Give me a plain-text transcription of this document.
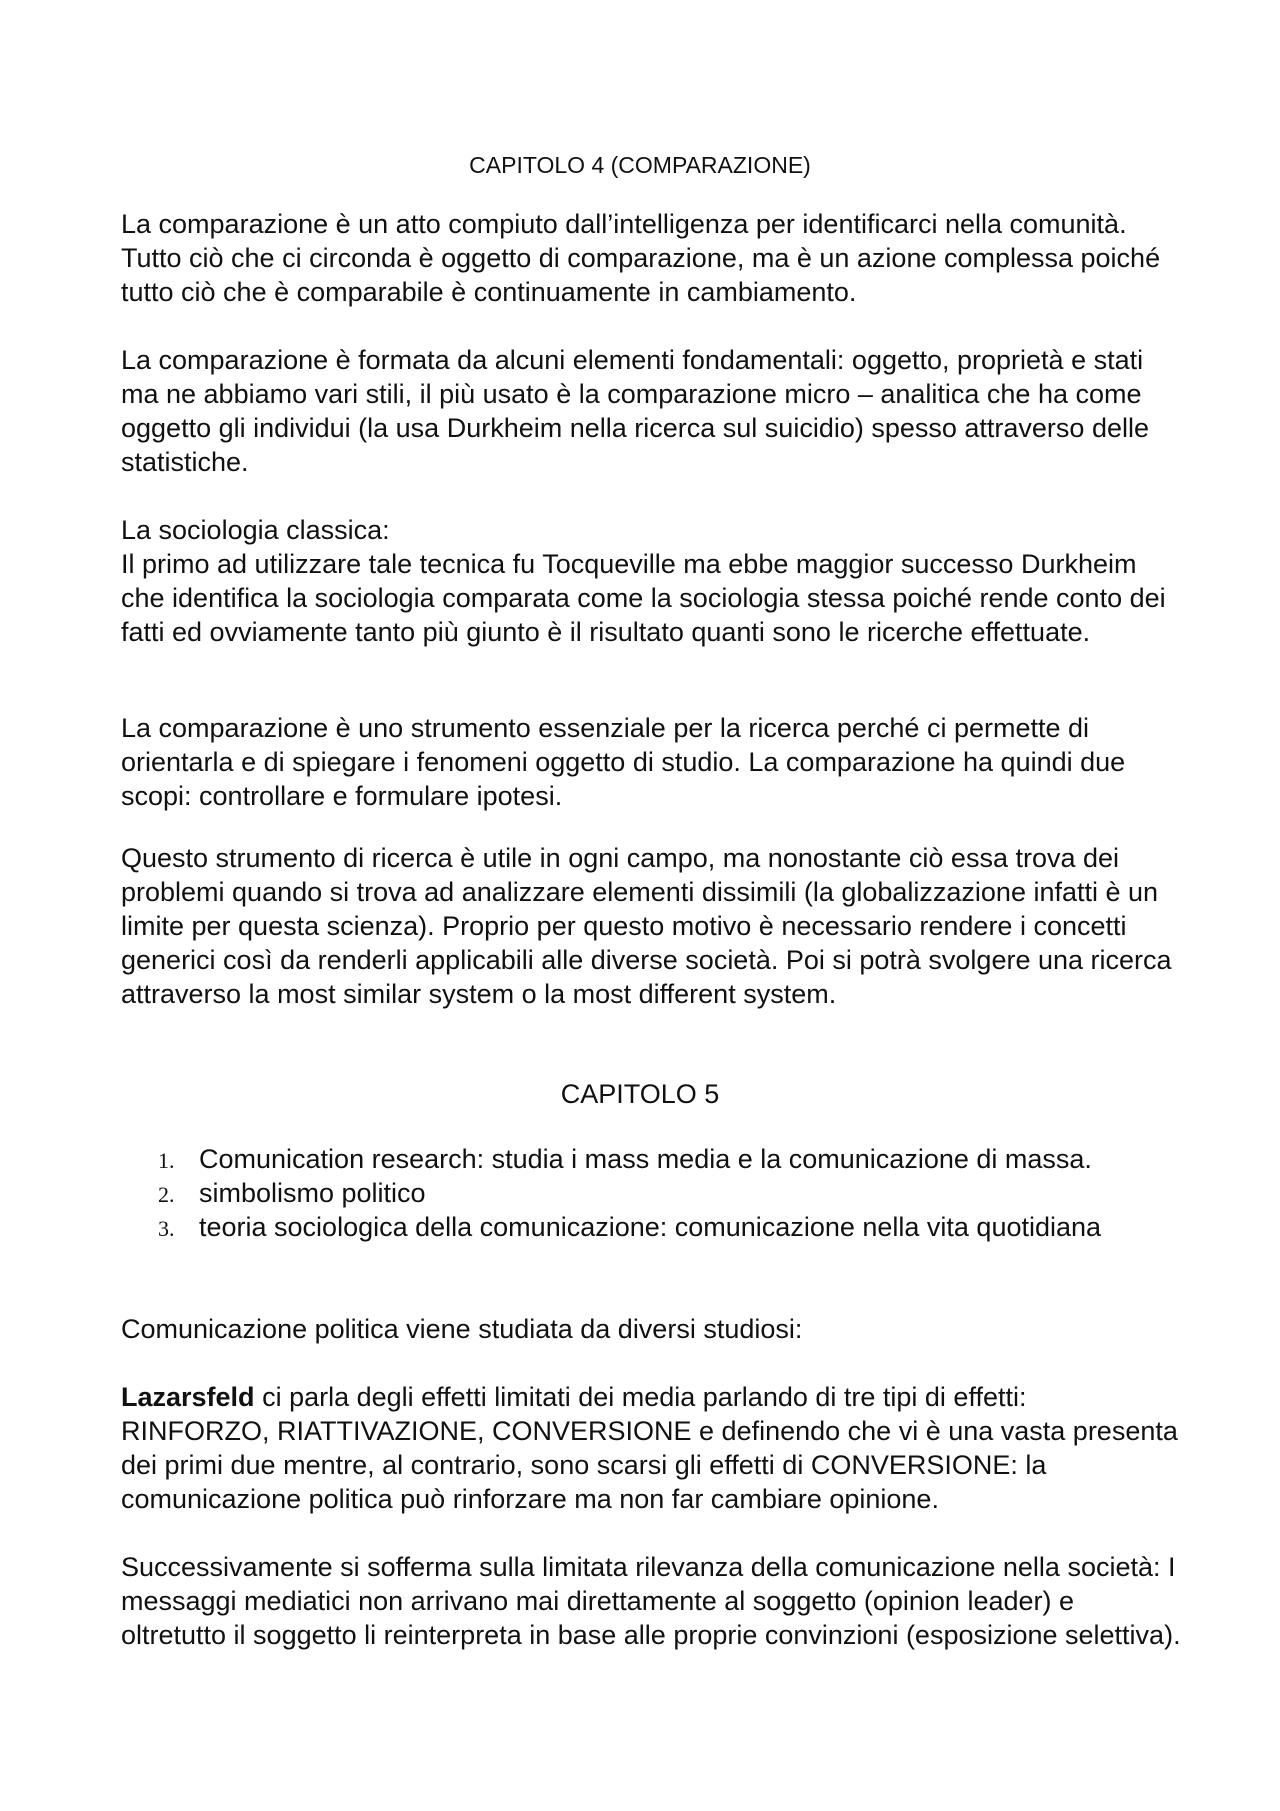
CAPITOLO 4 (COMPARAZIONE)

La comparazione è un atto compiuto dall’intelligenza per identificarci nella comunità. Tutto ciò che ci circonda è oggetto di comparazione, ma è un azione complessa poiché tutto ciò che è comparabile è continuamente in cambiamento.

La comparazione è formata da alcuni elementi fondamentali: oggetto, proprietà e stati ma ne abbiamo vari stili, il più usato è la comparazione micro – analitica che ha come oggetto gli individui (la usa Durkheim nella ricerca sul suicidio) spesso attraverso delle statistiche.

La sociologia classica:

Il primo ad utilizzare tale tecnica fu Tocqueville ma ebbe maggior successo Durkheim che identifica la sociologia comparata come la sociologia stessa poiché rende conto dei fatti ed ovviamente tanto più giunto è il risultato quanti sono le ricerche effettuate.

La comparazione è uno strumento essenziale per la ricerca perché ci permette di orientarla e di spiegare i fenomeni oggetto di studio. La comparazione ha quindi due scopi: controllare e formulare ipotesi.

Questo strumento di ricerca è utile in ogni campo, ma nonostante ciò essa trova dei problemi quando si trova ad analizzare elementi dissimili (la globalizzazione infatti è un limite per questa scienza). Proprio per questo motivo è necessario rendere i concetti generici così da renderli applicabili alle diverse società. Poi si potrà svolgere una ricerca attraverso la most similar system o la most different system.

CAPITOLO 5
1. Comunication research: studia i mass media e la comunicazione di massa.
2. simbolismo politico
3. teoria sociologica della comunicazione: comunicazione nella vita quotidiana

Comunicazione politica viene studiata da diversi studiosi:

Lazarsfeld ci parla degli effetti limitati dei media parlando di tre tipi di effetti: RINFORZO, RIATTIVAZIONE, CONVERSIONE e definendo che vi è una vasta presenta dei primi due mentre, al contrario, sono scarsi gli effetti di CONVERSIONE: la comunicazione politica può rinforzare ma non far cambiare opinione.

Successivamente si sofferma sulla limitata rilevanza della comunicazione nella società: I messaggi mediatici non arrivano mai direttamente al soggetto (opinion leader) e oltretutto il soggetto li reinterpreta in base alle proprie convinzioni (esposizione selettiva).
